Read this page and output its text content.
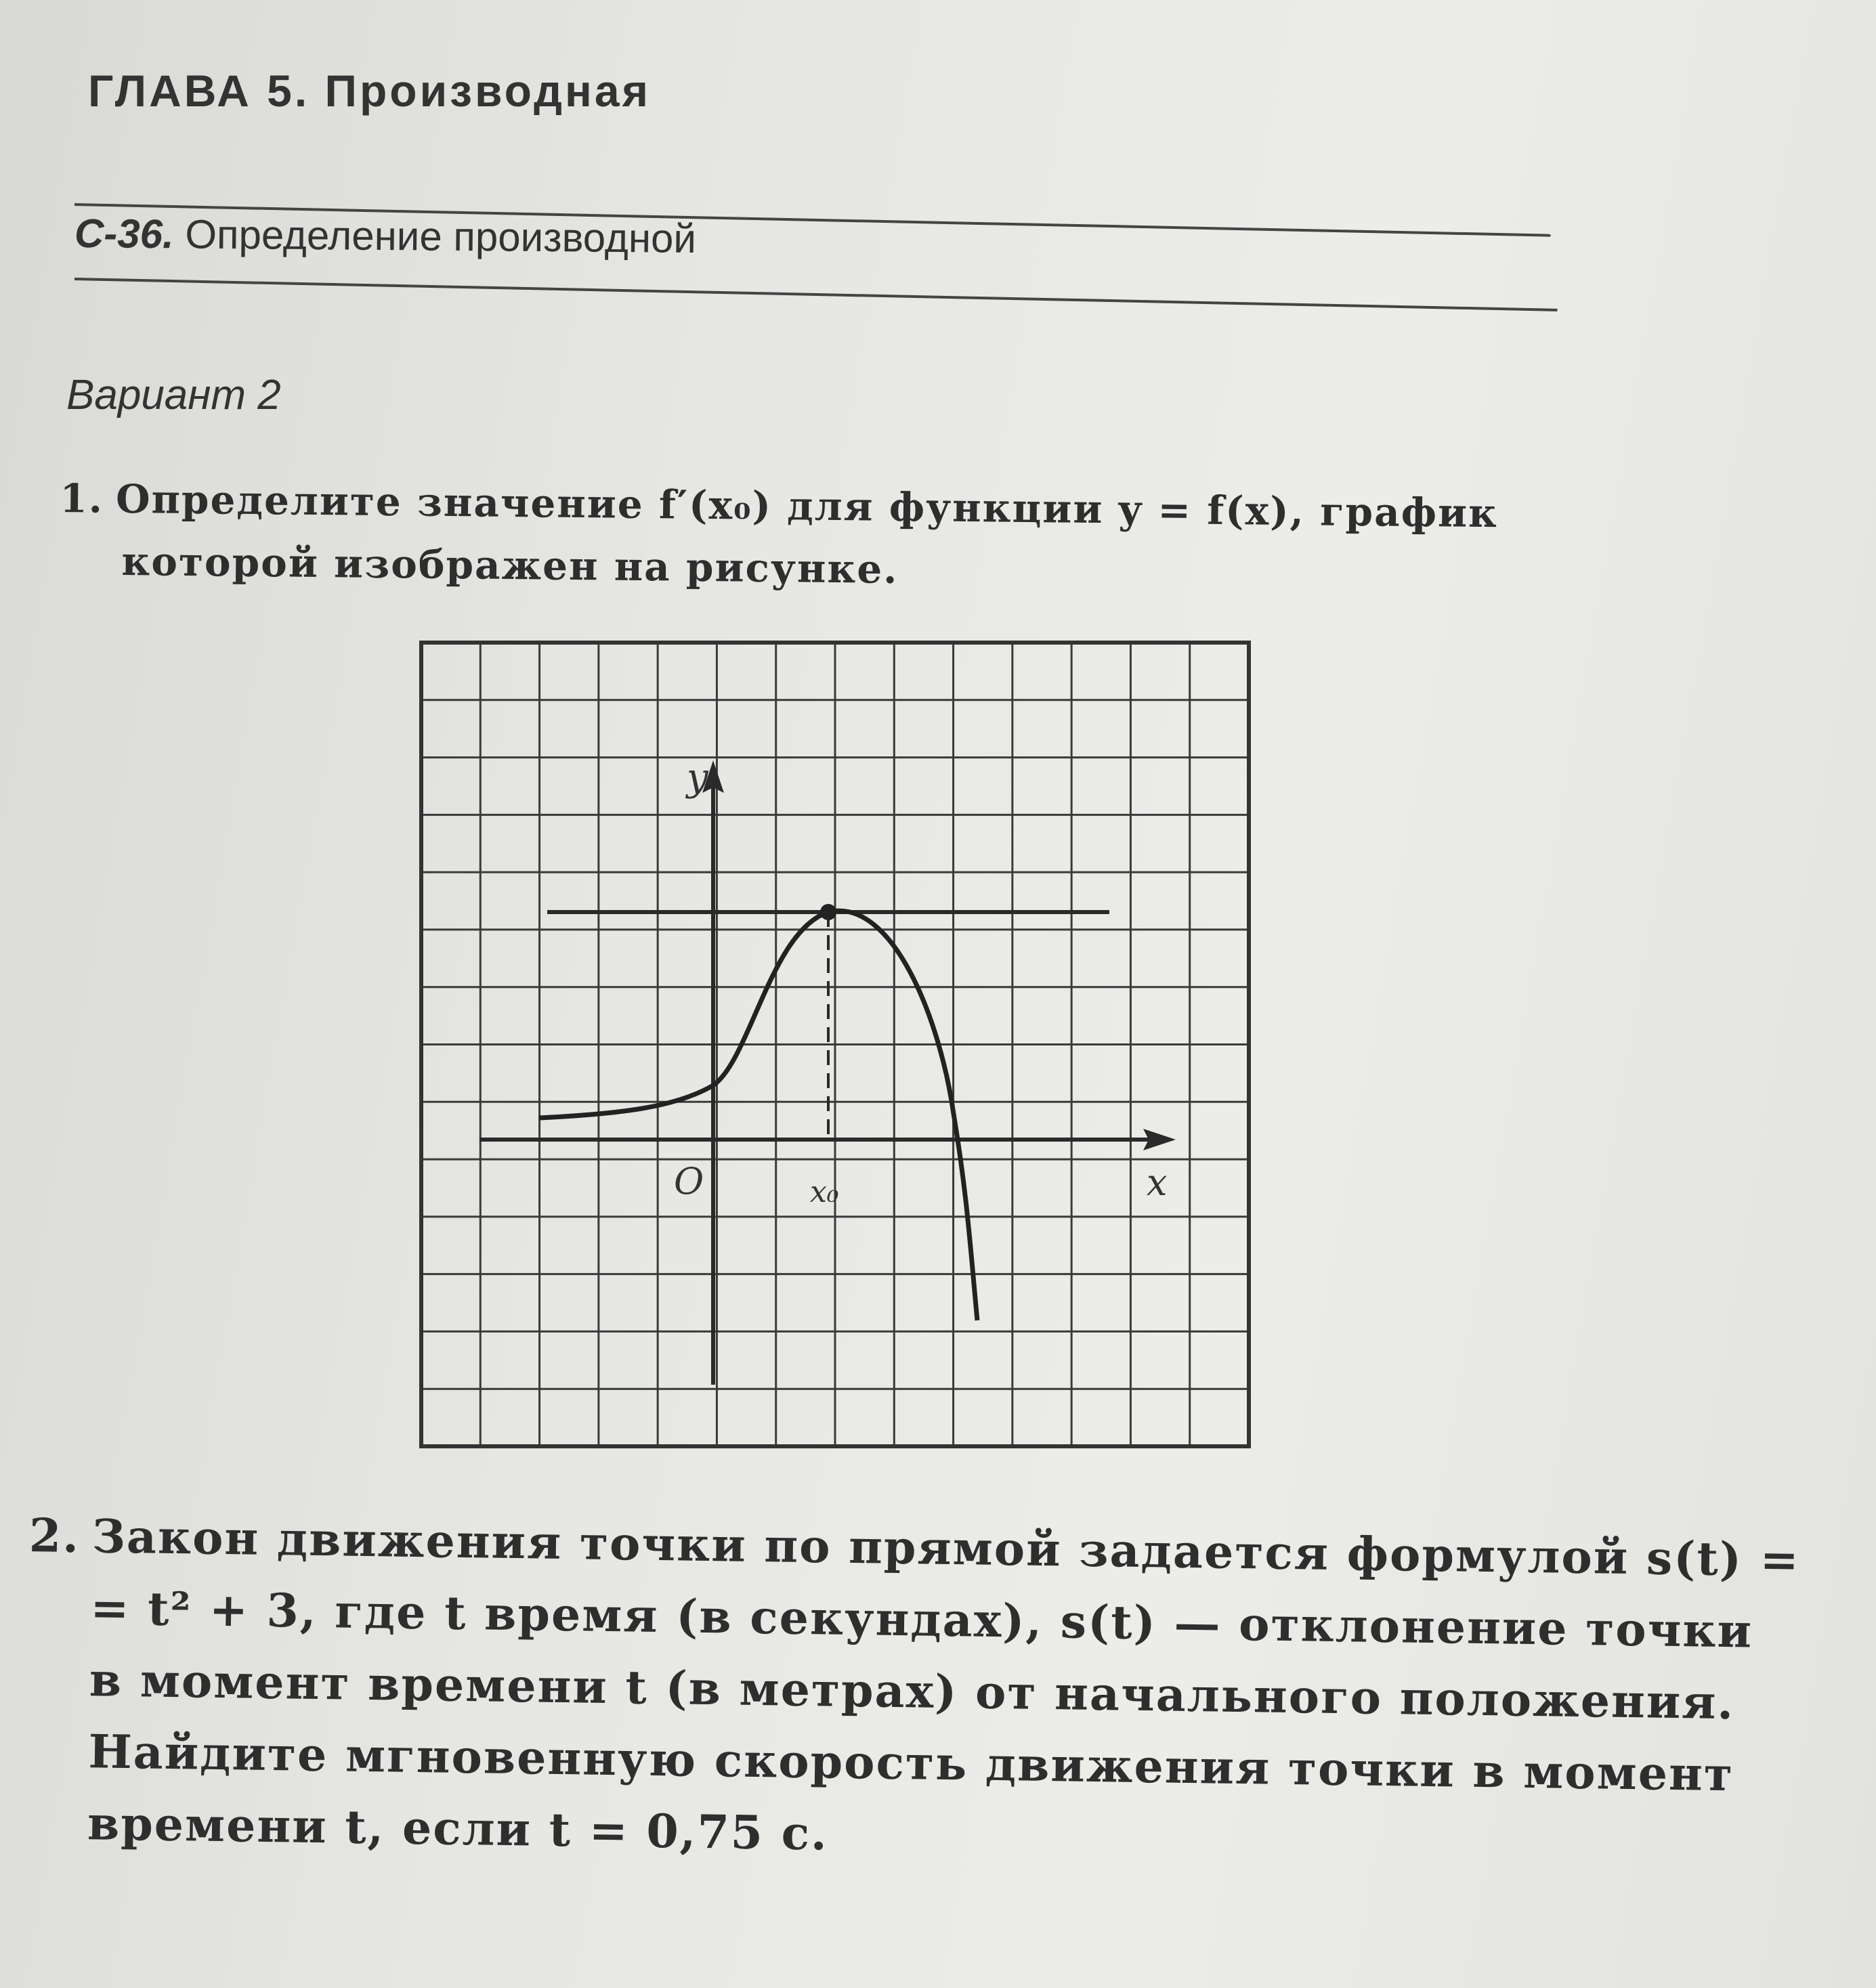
ГЛАВА 5. Производная
С-36. Определение производной
Вариант 2
1. Определите значение f′(x₀) для функции y = f(x), график
которой изображен на рисунке.
y
x
O	x₀
2. Закон движения точки по прямой задается формулой s(t) =
= t² + 3, где t время (в секундах), s(t) — отклонение точки
в момент времени t (в метрах) от начального положения.
Найдите мгновенную скорость движения точки в момент
времени t, если t = 0,75 с.
